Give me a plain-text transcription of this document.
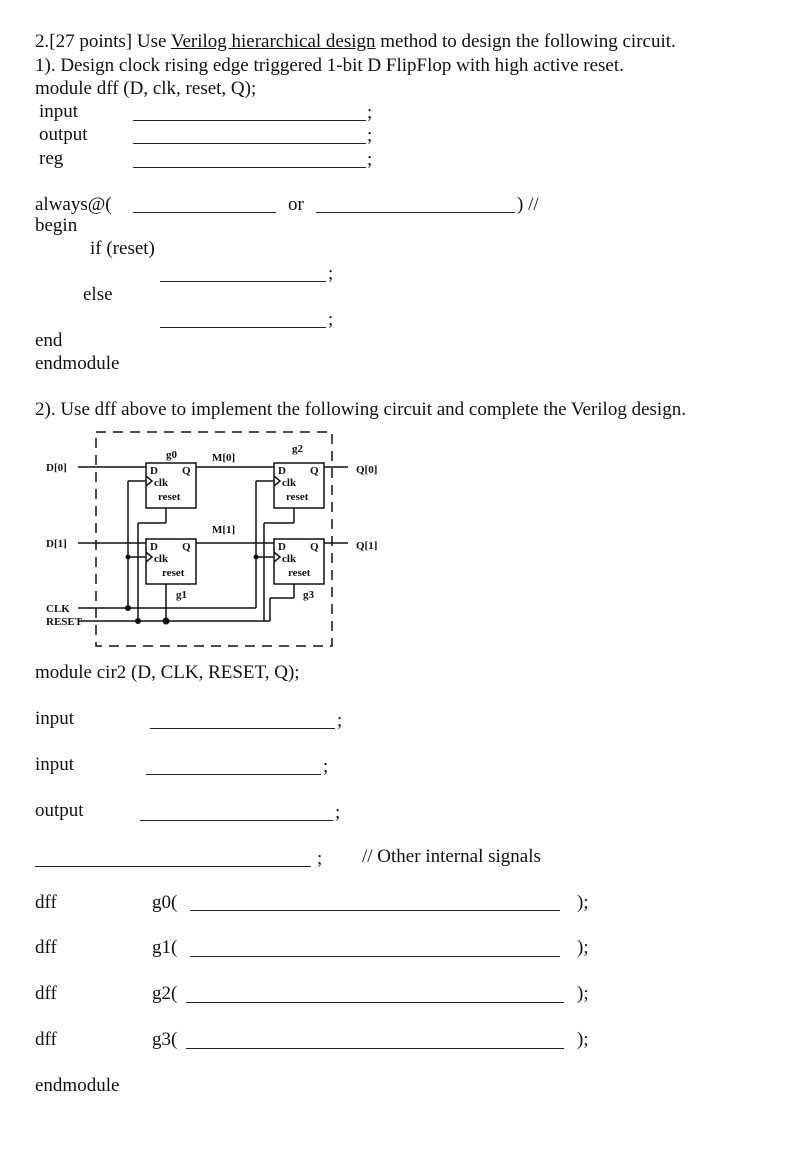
2.[27 points] Use Verilog hierarchical design method to design the following circuit.
1). Design clock rising edge triggered 1-bit D FlipFlop with high active reset.
module dff (D, clk, reset, Q);
input	;
output	;
reg	;
always@(	or	) //
begin
if (reset)
;
else
;
end
endmodule
2). Use dff above to implement the following circuit and complete the Verilog design.
g0
g1
g2
g3
M[0]
M[1]
D[0]
D[1]
CLK
RESET
Q[0]
Q[1]
D Q
clk
reset
D Q
clk
reset
D Q
clk
reset
D Q
clk
reset
module cir2 (D, CLK, RESET, Q);
input	;
input	;
output	;
; // Other internal signals
dff	g0(	);
dff	g1(	);
dff	g2(	);
dff	g3(	);
endmodule
